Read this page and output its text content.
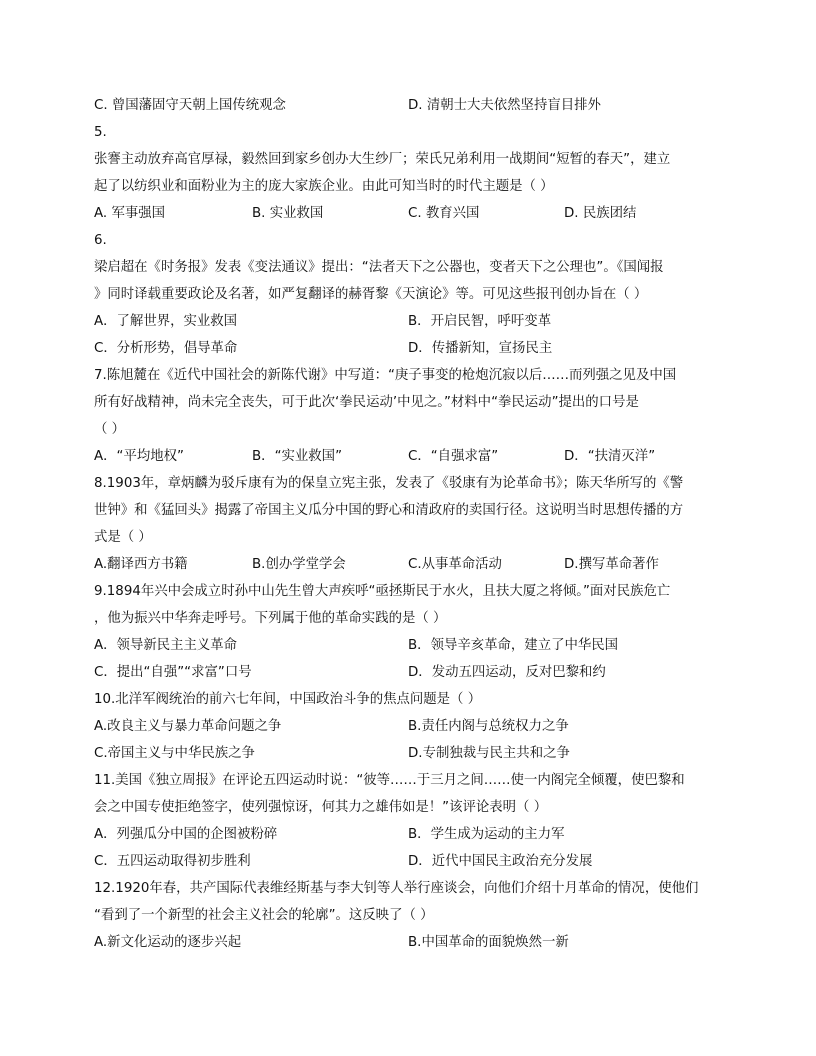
C. 曾国藩固守天朝上国传统观念	D. 清朝士大夫依然坚持盲目排外
5.
张謇主动放弃高官厚禄，毅然回到家乡创办大生纱厂；荣氏兄弟利用一战期间“短暂的春天”，建立
起了以纺织业和面粉业为主的庞大家族企业。由此可知当时的时代主题是（ ）
A. 军事强国	B. 实业救国	C. 教育兴国	D. 民族团结
6.
梁启超在《时务报》发表《变法通议》提出：“法者天下之公器也，变者天下之公理也”。《国闻报
》同时译载重要政论及名著，如严复翻译的赫胥黎《天演论》等。可见这些报刊创办旨在（ ）
A．了解世界，实业救国	B．开启民智，呼吁变革
C．分析形势，倡导革命	D．传播新知，宣扬民主
7.陈旭麓在《近代中国社会的新陈代谢》中写道：“庚子事变的枪炮沉寂以后……而列强之见及中国
所有好战精神，尚未完全丧失，可于此次‘拳民运动’中见之。”材料中“拳民运动”提出的口号是
（ ）
A．“平均地权”	B．“实业救国”	C．“自强求富”	D．“扶清灭洋”
8.1903年，章炳麟为驳斥康有为的保皇立宪主张，发表了《驳康有为论革命书》；陈天华所写的《警
世钟》和《猛回头》揭露了帝国主义瓜分中国的野心和清政府的卖国行径。这说明当时思想传播的方
式是（ ）
A.翻译西方书籍	B.创办学堂学会	C.从事革命活动	D.撰写革命著作
9.1894年兴中会成立时孙中山先生曾大声疾呼“亟拯斯民于水火，且扶大厦之将倾。”面对民族危亡
，他为振兴中华奔走呼号。下列属于他的革命实践的是（ ）
A．领导新民主主义革命	B．领导辛亥革命，建立了中华民国
C．提出“自强”“求富”口号	D．发动五四运动，反对巴黎和约
10.北洋军阀统治的前六七年间，中国政治斗争的焦点问题是（ ）
A.改良主义与暴力革命问题之争	B.责任内阁与总统权力之争
C.帝国主义与中华民族之争	D.专制独裁与民主共和之争
11.美国《独立周报》在评论五四运动时说：“彼等……于三月之间……使一内阁完全倾覆，使巴黎和
会之中国专使拒绝签字，使列强惊讶，何其力之雄伟如是！”该评论表明（ ）
A．列强瓜分中国的企图被粉碎	B．学生成为运动的主力军
C．五四运动取得初步胜利	D．近代中国民主政治充分发展
12.1920年春，共产国际代表维经斯基与李大钊等人举行座谈会，向他们介绍十月革命的情况，使他们
“看到了一个新型的社会主义社会的轮廓”。这反映了（ ）
A.新文化运动的逐步兴起	B.中国革命的面貌焕然一新
